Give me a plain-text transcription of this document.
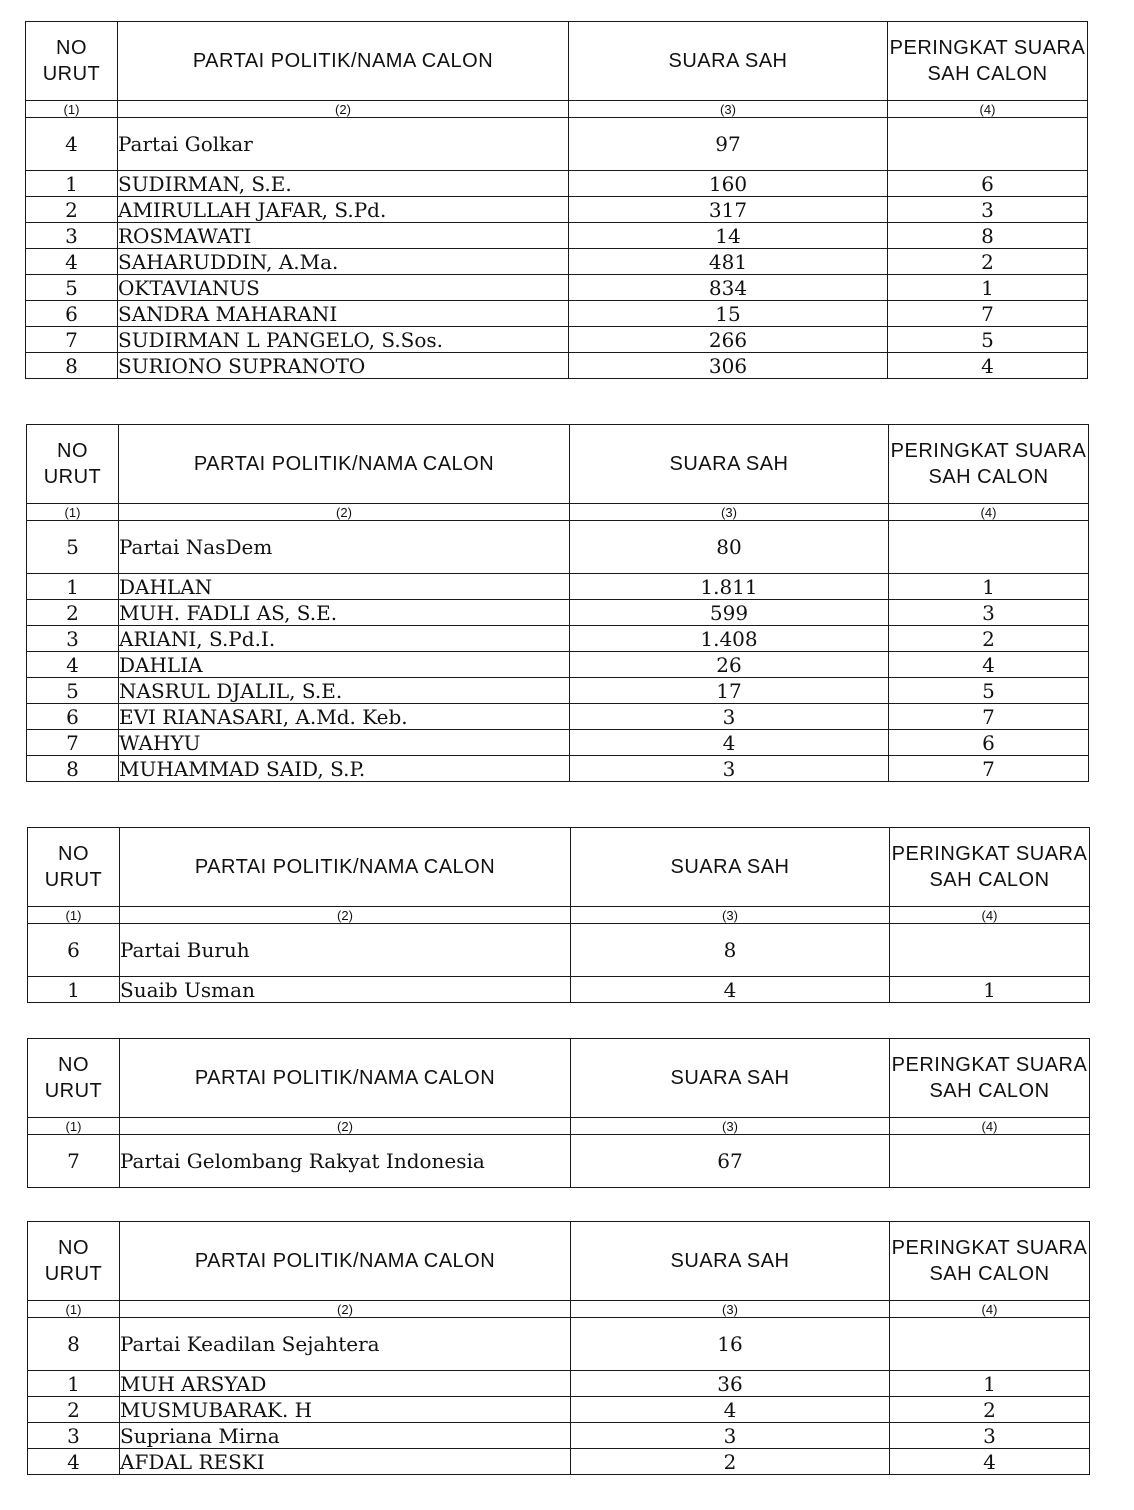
NO URUT	PARTAI POLITIK/NAMA CALON	SUARA SAH	PERINGKAT SUARA SAH CALON
(1)	(2)	(3)	(4)
4	Partai Golkar	97	
1	SUDIRMAN, S.E.	160	6
2	AMIRULLAH JAFAR, S.Pd.	317	3
3	ROSMAWATI	14	8
4	SAHARUDDIN, A.Ma.	481	2
5	OKTAVIANUS	834	1
6	SANDRA MAHARANI	15	7
7	SUDIRMAN L PANGELO, S.Sos.	266	5
8	SURIONO SUPRANOTO	306	4
NO URUT	PARTAI POLITIK/NAMA CALON	SUARA SAH	PERINGKAT SUARA SAH CALON
(1)	(2)	(3)	(4)
5	Partai NasDem	80	
1	DAHLAN	1.811	1
2	MUH. FADLI AS, S.E.	599	3
3	ARIANI, S.Pd.I.	1.408	2
4	DAHLIA	26	4
5	NASRUL DJALIL, S.E.	17	5
6	EVI RIANASARI, A.Md. Keb.	3	7
7	WAHYU	4	6
8	MUHAMMAD SAID, S.P.	3	7
NO URUT	PARTAI POLITIK/NAMA CALON	SUARA SAH	PERINGKAT SUARA SAH CALON
(1)	(2)	(3)	(4)
6	Partai Buruh	8	
1	Suaib Usman	4	1
NO URUT	PARTAI POLITIK/NAMA CALON	SUARA SAH	PERINGKAT SUARA SAH CALON
(1)	(2)	(3)	(4)
7	Partai Gelombang Rakyat Indonesia	67	
NO URUT	PARTAI POLITIK/NAMA CALON	SUARA SAH	PERINGKAT SUARA SAH CALON
(1)	(2)	(3)	(4)
8	Partai Keadilan Sejahtera	16	
1	MUH ARSYAD	36	1
2	MUSMUBARAK. H	4	2
3	Supriana Mirna	3	3
4	AFDAL RESKI	2	4
